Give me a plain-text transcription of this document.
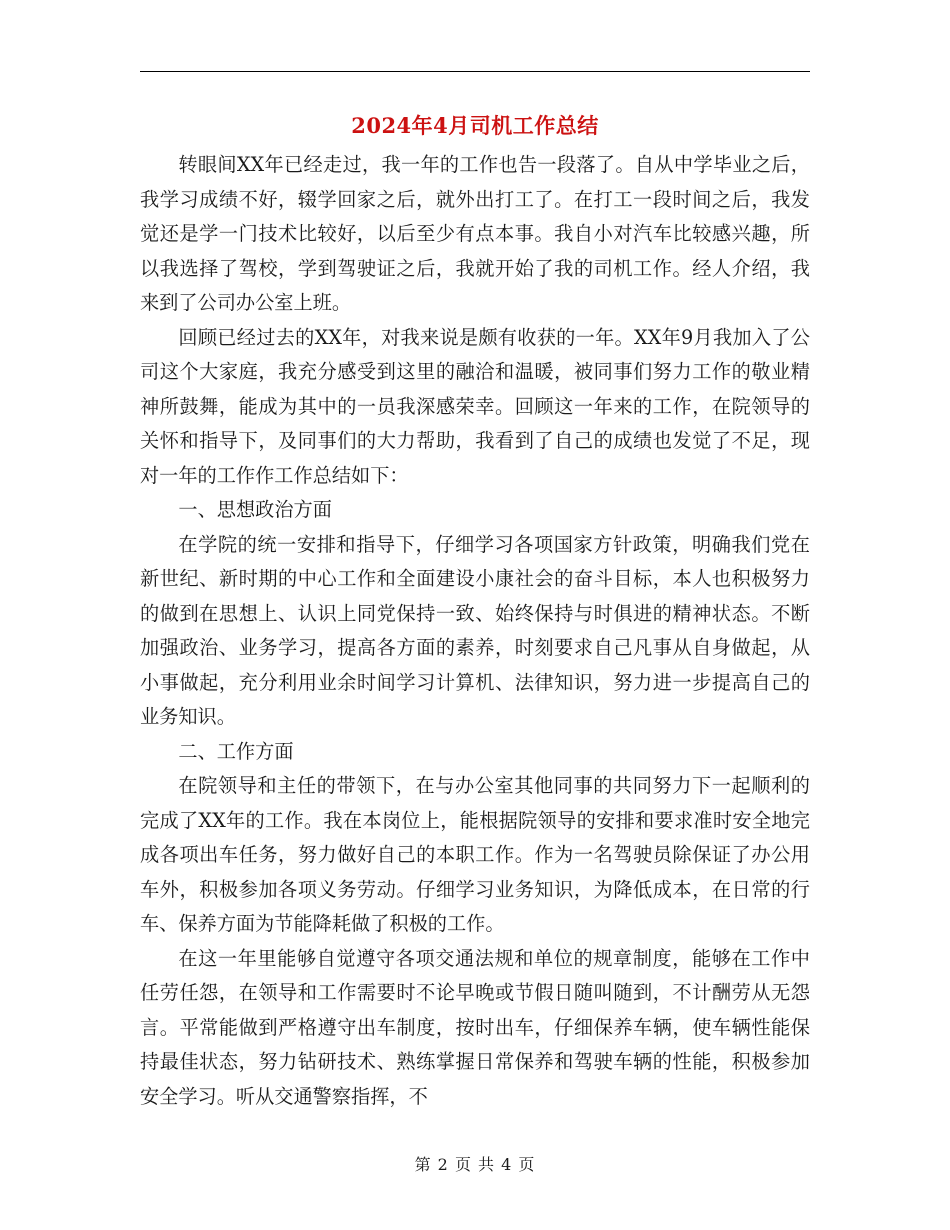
2024年4月司机工作总结

转眼间XX年已经走过，我一年的工作也告一段落了。自从中学毕业之后，我学习成绩不好，辍学回家之后，就外出打工了。在打工一段时间之后，我发觉还是学一门技术比较好，以后至少有点本事。我自小对汽车比较感兴趣，所以我选择了驾校，学到驾驶证之后，我就开始了我的司机工作。经人介绍，我来到了公司办公室上班。

回顾已经过去的XX年，对我来说是颇有收获的一年。XX年9月我加入了公司这个大家庭，我充分感受到这里的融洽和温暖，被同事们努力工作的敬业精神所鼓舞，能成为其中的一员我深感荣幸。回顾这一年来的工作，在院领导的关怀和指导下，及同事们的大力帮助，我看到了自己的成绩也发觉了不足，现对一年的工作作工作总结如下：

一、思想政治方面

在学院的统一安排和指导下，仔细学习各项国家方针政策，明确我们党在新世纪、新时期的中心工作和全面建设小康社会的奋斗目标，本人也积极努力的做到在思想上、认识上同党保持一致、始终保持与时俱进的精神状态。不断加强政治、业务学习，提高各方面的素养，时刻要求自己凡事从自身做起，从小事做起，充分利用业余时间学习计算机、法律知识，努力进一步提高自己的业务知识。

二、工作方面

在院领导和主任的带领下，在与办公室其他同事的共同努力下一起顺利的完成了XX年的工作。我在本岗位上，能根据院领导的安排和要求准时安全地完成各项出车任务，努力做好自己的本职工作。作为一名驾驶员除保证了办公用车外，积极参加各项义务劳动。仔细学习业务知识，为降低成本，在日常的行车、保养方面为节能降耗做了积极的工作。

在这一年里能够自觉遵守各项交通法规和单位的规章制度，能够在工作中任劳任怨，在领导和工作需要时不论早晚或节假日随叫随到，不计酬劳从无怨言。平常能做到严格遵守出车制度，按时出车，仔细保养车辆，使车辆性能保持最佳状态，努力钻研技术、熟练掌握日常保养和驾驶车辆的性能，积极参加安全学习。听从交通警察指挥，不

第 2 页 共 4 页
